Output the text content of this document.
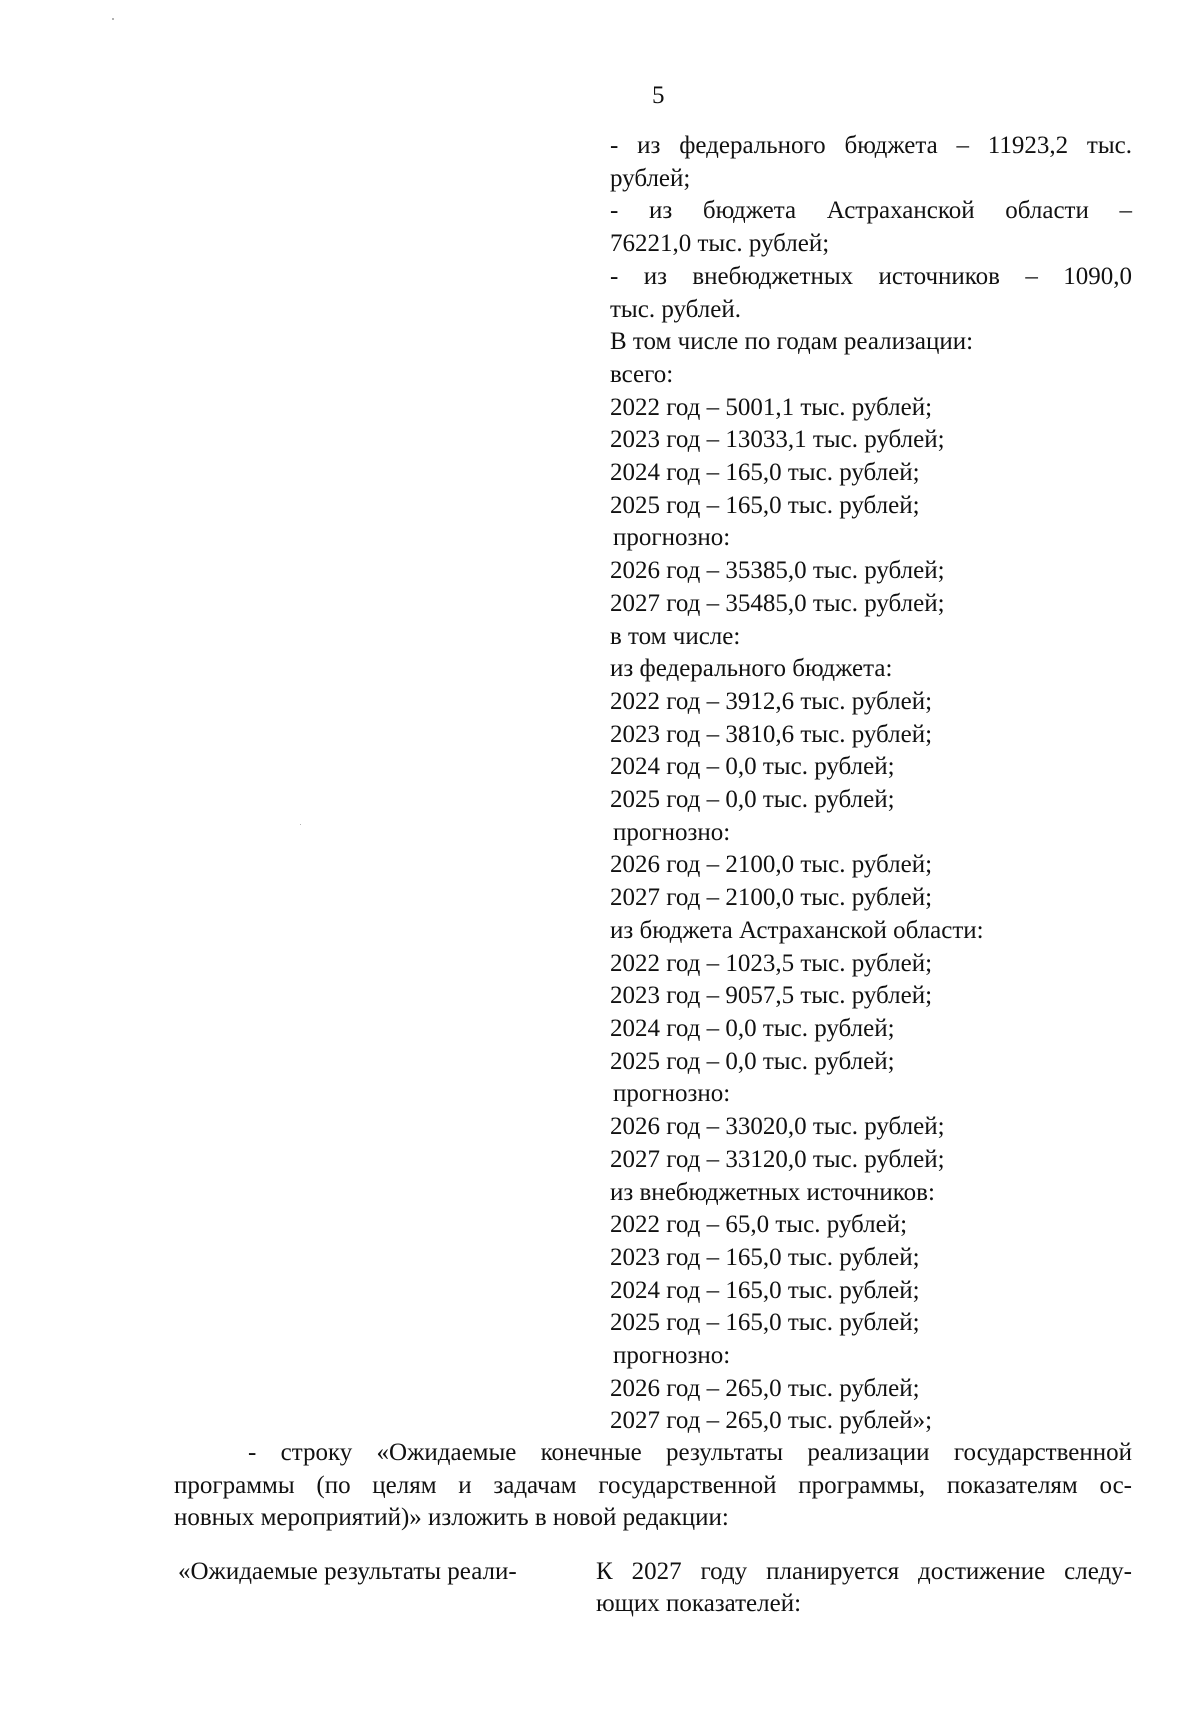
5
- из федерального бюджета – 11923,2 тыс.
рублей;
- из бюджета Астраханской области –
76221,0 тыс. рублей;
- из внебюджетных источников – 1090,0
тыс. рублей.
В том числе по годам реализации:
всего:
2022 год – 5001,1 тыс. рублей;
2023 год – 13033,1 тыс. рублей;
2024 год – 165,0 тыс. рублей;
2025 год – 165,0 тыс. рублей;
прогнозно:
2026 год – 35385,0 тыс. рублей;
2027 год – 35485,0 тыс. рублей;
в том числе:
из федерального бюджета:
2022 год – 3912,6 тыс. рублей;
2023 год – 3810,6 тыс. рублей;
2024 год – 0,0 тыс. рублей;
2025 год – 0,0 тыс. рублей;
прогнозно:
2026 год – 2100,0 тыс. рублей;
2027 год – 2100,0 тыс. рублей;
из бюджета Астраханской области:
2022 год – 1023,5 тыс. рублей;
2023 год – 9057,5 тыс. рублей;
2024 год – 0,0 тыс. рублей;
2025 год – 0,0 тыс. рублей;
прогнозно:
2026 год – 33020,0 тыс. рублей;
2027 год – 33120,0 тыс. рублей;
из внебюджетных источников:
2022 год – 65,0 тыс. рублей;
2023 год – 165,0 тыс. рублей;
2024 год – 165,0 тыс. рублей;
2025 год – 165,0 тыс. рублей;
прогнозно:
2026 год – 265,0 тыс. рублей;
2027 год – 265,0 тыс. рублей»;
- строку «Ожидаемые конечные результаты реализации государственной
программы (по целям и задачам государственной программы, показателям ос-
новных мероприятий)» изложить в новой редакции:
«Ожидаемые результаты реали-	К 2027 году планируется достижение следу-
ющих показателей:
